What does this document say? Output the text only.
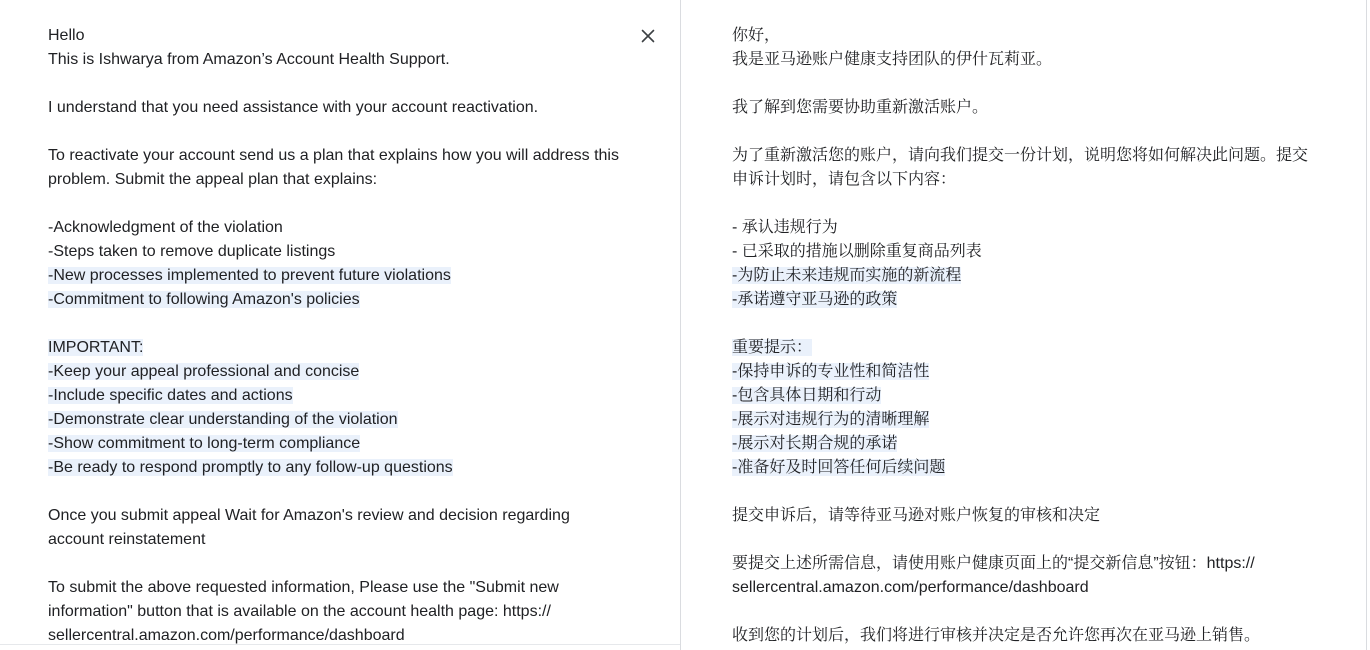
Hello
This is Ishwarya from Amazon’s Account Health Support.
I understand that you need assistance with your account reactivation.
To reactivate your account send us a plan that explains how you will address this
problem. Submit the appeal plan that explains:
-Acknowledgment of the violation
-Steps taken to remove duplicate listings
-New processes implemented to prevent future violations
-Commitment to following Amazon's policies
IMPORTANT:
-Keep your appeal professional and concise
-Include specific dates and actions
-Demonstrate clear understanding of the violation
-Show commitment to long-term compliance
-Be ready to respond promptly to any follow-up questions
Once you submit appeal Wait for Amazon's review and decision regarding
account reinstatement
To submit the above requested information, Please use the "Submit new
information" button that is available on the account health page: https://
sellercentral.amazon.com/performance/dashboard
你好，
我是亚马逊账户健康支持团队的伊什瓦莉亚。
我了解到您需要协助重新激活账户。
为了重新激活您的账户，请向我们提交一份计划，说明您将如何解决此问题。提交
申诉计划时，请包含以下内容：
- 承认违规行为
- 已采取的措施以删除重复商品列表
-为防止未来违规而实施的新流程
-承诺遵守亚马逊的政策
重要提示：
-保持申诉的专业性和简洁性
-包含具体日期和行动
-展示对违规行为的清晰理解
-展示对长期合规的承诺
-准备好及时回答任何后续问题
提交申诉后，请等待亚马逊对账户恢复的审核和决定
要提交上述所需信息，请使用账户健康页面上的“提交新信息”按钮：https://
sellercentral.amazon.com/performance/dashboard
收到您的计划后，我们将进行审核并决定是否允许您再次在亚马逊上销售。
